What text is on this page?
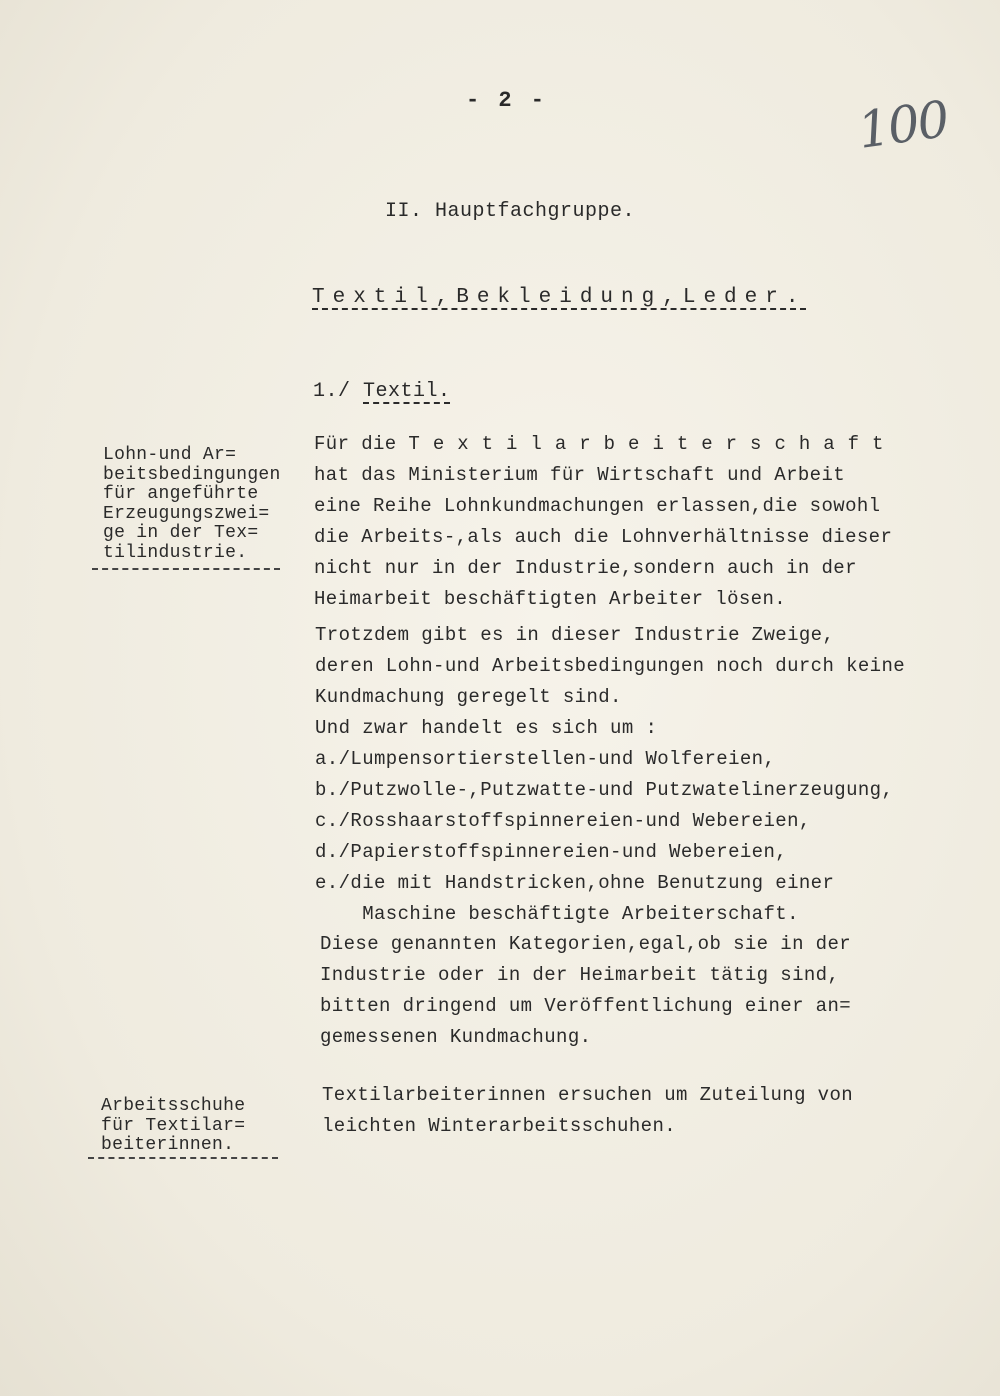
- 2 -	100
II. Hauptfachgruppe.
Textil,Bekleidung,Leder.
1./ Textil.
Lohn-und Ar=
beitsbedingungen
für angeführte
Erzeugungszwei=
ge in der Tex=
tilindustrie.
Für die Textilarbeiterschaft
hat das Ministerium für Wirtschaft und Arbeit
eine Reihe Lohnkundmachungen erlassen,die sowohl
die Arbeits-,als auch die Lohnverhältnisse dieser
nicht nur in der Industrie,sondern auch in der
Heimarbeit beschäftigten Arbeiter lösen.
Trotzdem gibt es in dieser Industrie Zweige,
deren Lohn-und Arbeitsbedingungen noch durch keine
Kundmachung geregelt sind.
Und zwar handelt es sich um :
a./Lumpensortierstellen-und Wolfereien,
b./Putzwolle-,Putzwatte-und Putzwatelinerzeugung,
c./Rosshaarstoffspinnereien-und Webereien,
d./Papierstoffspinnereien-und Webereien,
e./die mit Handstricken,ohne Benutzung einer
Maschine beschäftigte Arbeiterschaft.
Diese genannten Kategorien,egal,ob sie in der
Industrie oder in der Heimarbeit tätig sind,
bitten dringend um Veröffentlichung einer an=
gemessenen Kundmachung.
Arbeitsschuhe
für Textilar=
beiterinnen.
Textilarbeiterinnen ersuchen um Zuteilung von
leichten Winterarbeitsschuhen.
